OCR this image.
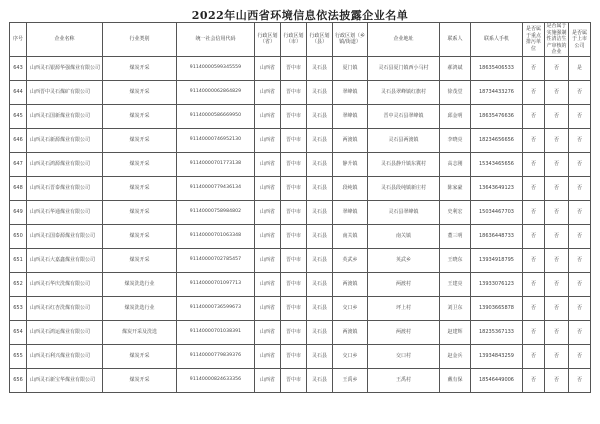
2022年山西省环境信息依法披露企业名单
序号	企业名称	行业类别	统一社会信用代码	行政区划（省）	行政区划（市）	行政区划（县）	行政区划（乡镇/街道）	企业地址	联系人	联系人手机	是否属于重点排污单位	是否属于实施强制性清洁生产审核的企业	是否属于上市公司
643	山西灵石银源华强煤业有限公司	煤炭开采	91140000599345559	山西省	晋中市	灵石县	夏门镇	灵石县夏门镇西小马村	郝鸿斌	18635406533	否	否	是
644	山西晋中灵石煤矿有限公司	煤炭开采	91140000062864829	山西省	晋中市	灵石县	翠峰镇	灵石县翠峰镇红旗村	徐茂堂	18734433276	否	否	否
645	山西灵石国新煤业有限公司	煤炭开采	91140000586669950	山西省	晋中市	灵石县	翠峰镇	晋中灵石县翠峰镇	邱金明	18635476636	否	否	否
646	山西灵石新源煤业有限公司	煤炭开采	91140000746952130	山西省	晋中市	灵石县	两渡镇	灵石县两渡镇	李晓亮	18234656656	否	否	否
647	山西灵石鸿源煤业有限公司	煤炭开采	91140000701773138	山西省	晋中市	灵石县	静升镇	灵石县静升镇东冀村	高志刚	15343465656	否	否	否
648	山西灵石晋泰煤业有限公司	煤炭开采	91140000779436134	山西省	晋中市	灵石县	段纯镇	灵石县段纯镇新庄村	陈家豪	13643649123	否	否	否
649	山西灵石华通煤业有限公司	煤炭开采	91140000758984802	山西省	晋中市	灵石县	翠峰镇	灵石县翠峰镇	史利宏	15034467703	否	否	否
650	山西灵石国泰源煤业有限公司	煤炭开采	91140000701063348	山西省	晋中市	灵石县	南关镇	南关镇	董三明	18636448733	否	否	否
651	山西灵石大嘉鑫煤业有限公司	煤炭开采	91140000702785457	山西省	晋中市	灵石县	英武乡	英武乡	王晓东	13934918795	否	否	否
652	山西灵石华庆洗煤有限公司	煤炭洗选行业	91140000701097713	山西省	晋中市	灵石县	两渡镇	两渡村	王建亮	13933076123	否	否	否
653	山西灵石红杏洗煤有限公司	煤炭洗选行业	91140000736599673	山西省	晋中市	灵石县	交口乡	坪上村	刘卫东	13903665878	否	否	否
654	山西灵石鸿运煤业有限公司	煤炭开采及洗选	91140000701038391	山西省	晋中市	灵石县	两渡镇	两渡村	赵建辉	18235367133	否	否	否
655	山西灵石利兴煤业有限公司	煤炭开采	91140000779839376	山西省	晋中市	灵石县	交口乡	交口村	赵金兵	13934843259	否	否	否
656	山西灵石新宝华煤业有限公司	煤炭开采	91140000824633356	山西省	晋中市	灵石县	王禹乡	王禹村	戴有保	18546449006	否	否	否
